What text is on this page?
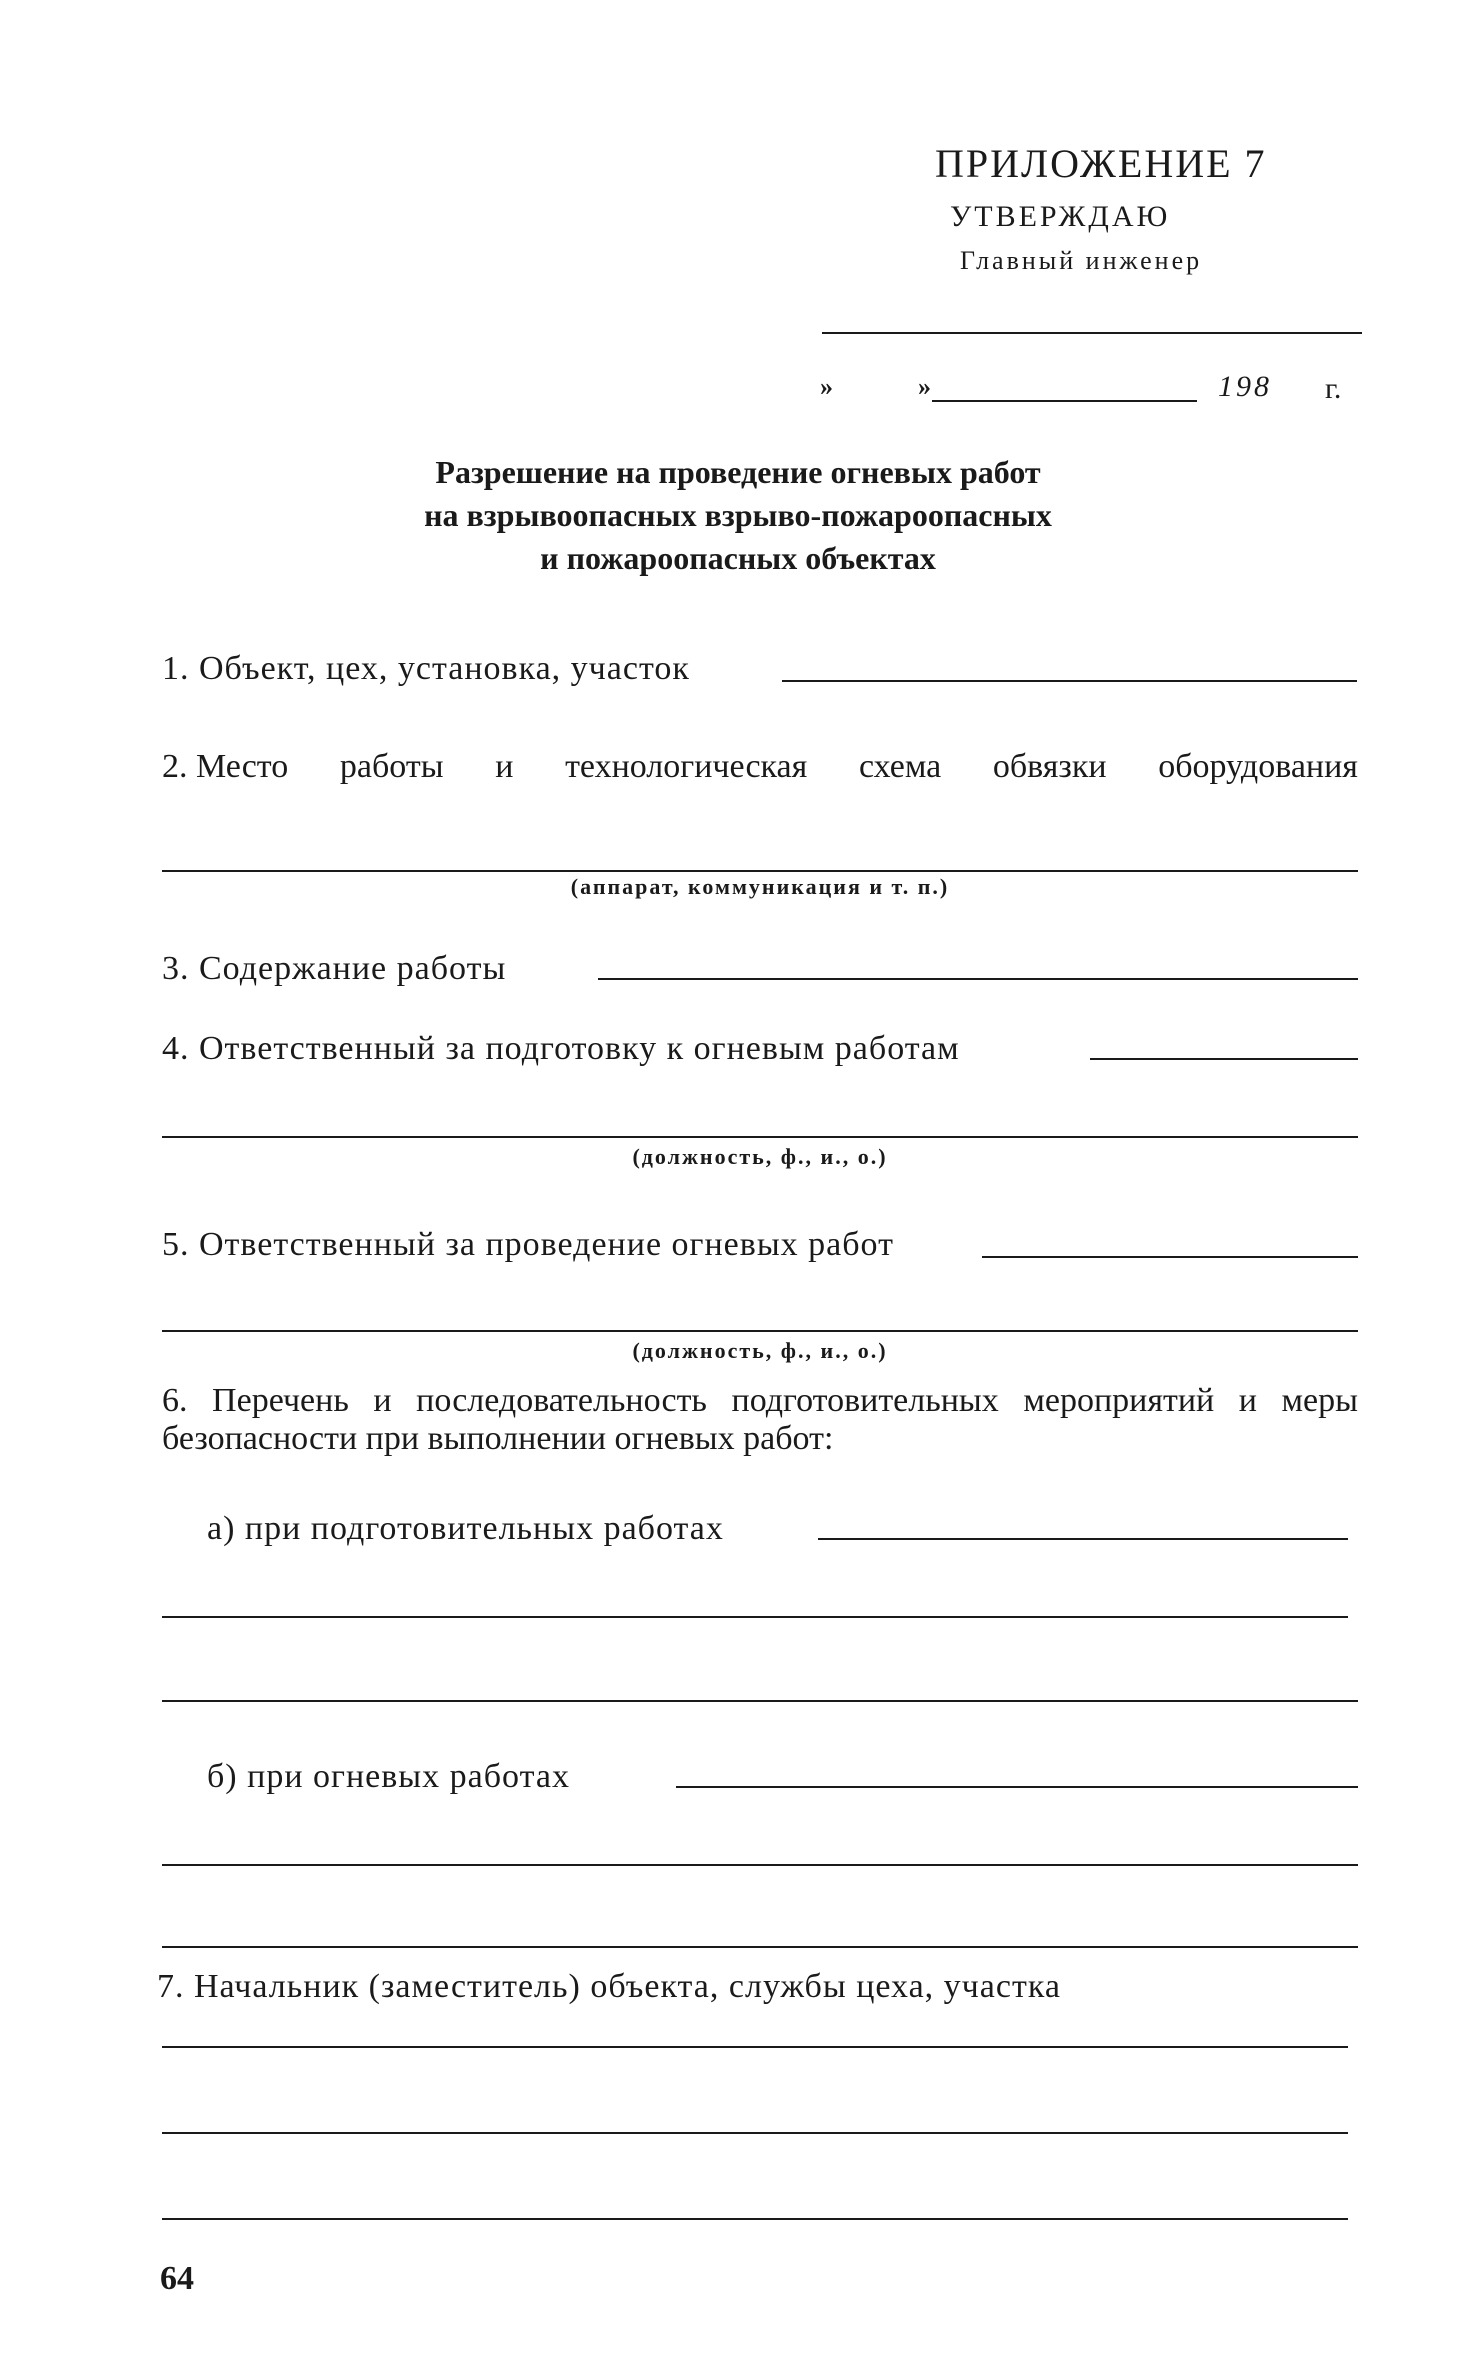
ПРИЛОЖЕНИЕ 7
УТВЕРЖДАЮ
Главный инженер
»	»	198 г.
Разрешение на проведение огневых работ
на взрывоопасных взрыво-пожароопасных
и пожароопасных объектах
1. Объект, цех, установка, участок
2. Место работы и технологическая схема обвязки оборудования
(аппарат, коммуникация и т. п.)
3. Содержание работы
4. Ответственный за подготовку к огневым работам
(должность, ф., и., о.)
5. Ответственный за проведение огневых работ
(должность, ф., и., о.)
6. Перечень и последовательность подготовительных мероприятий и меры безопасности при выполнении огневых работ:
а) при подготовительных работах
б) при огневых работах
7. Начальник (заместитель) объекта, службы цеха, участка
64
